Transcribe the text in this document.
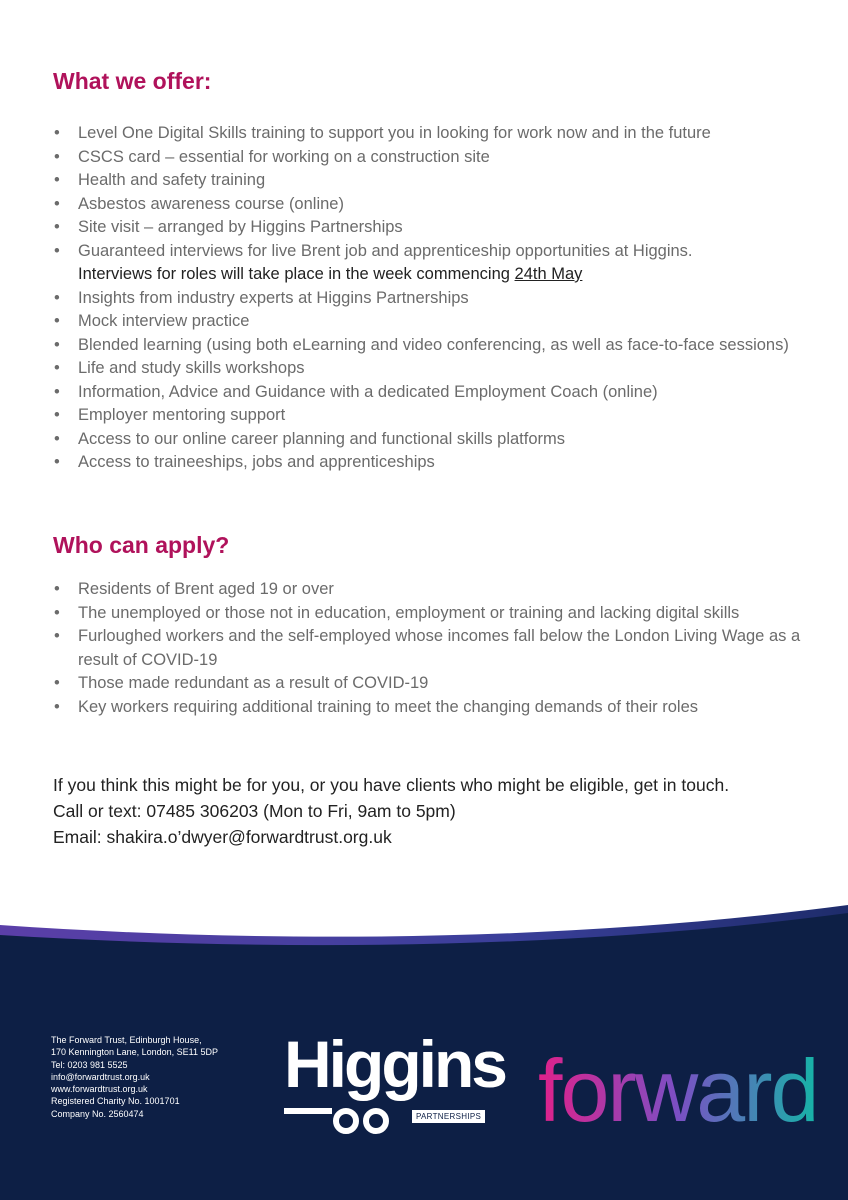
What we offer:
• Level One Digital Skills training to support you in looking for work now and in the future
• CSCS card – essential for working on a construction site
• Health and safety training
• Asbestos awareness course (online)
• Site visit – arranged by Higgins Partnerships
• Guaranteed interviews for live Brent job and apprenticeship opportunities at Higgins.
Interviews for roles will take place in the week commencing 24th May
• Insights from industry experts at Higgins Partnerships
• Mock interview practice
• Blended learning (using both eLearning and video conferencing, as well as face-to-face sessions)
• Life and study skills workshops
• Information, Advice and Guidance with a dedicated Employment Coach (online)
• Employer mentoring support
• Access to our online career planning and functional skills platforms
• Access to traineeships, jobs and apprenticeships
Who can apply?
• Residents of Brent aged 19 or over
• The unemployed or those not in education, employment or training and lacking digital skills
• Furloughed workers and the self-employed whose incomes fall below the London Living Wage as a result of COVID-19
• Those made redundant as a result of COVID-19
• Key workers requiring additional training to meet the changing demands of their roles
If you think this might be for you, or you have clients who might be eligible, get in touch.
Call or text: 07485 306203 (Mon to Fri, 9am to 5pm)
Email: shakira.o’dwyer@forwardtrust.org.uk
The Forward Trust, Edinburgh House,
170 Kennington Lane, London, SE11 5DP
Tel: 0203 981 5525
info@forwardtrust.org.uk
www.forwardtrust.org.uk
Registered Charity No. 1001701
Company No. 2560474
Higgins
PARTNERSHIPS forward
